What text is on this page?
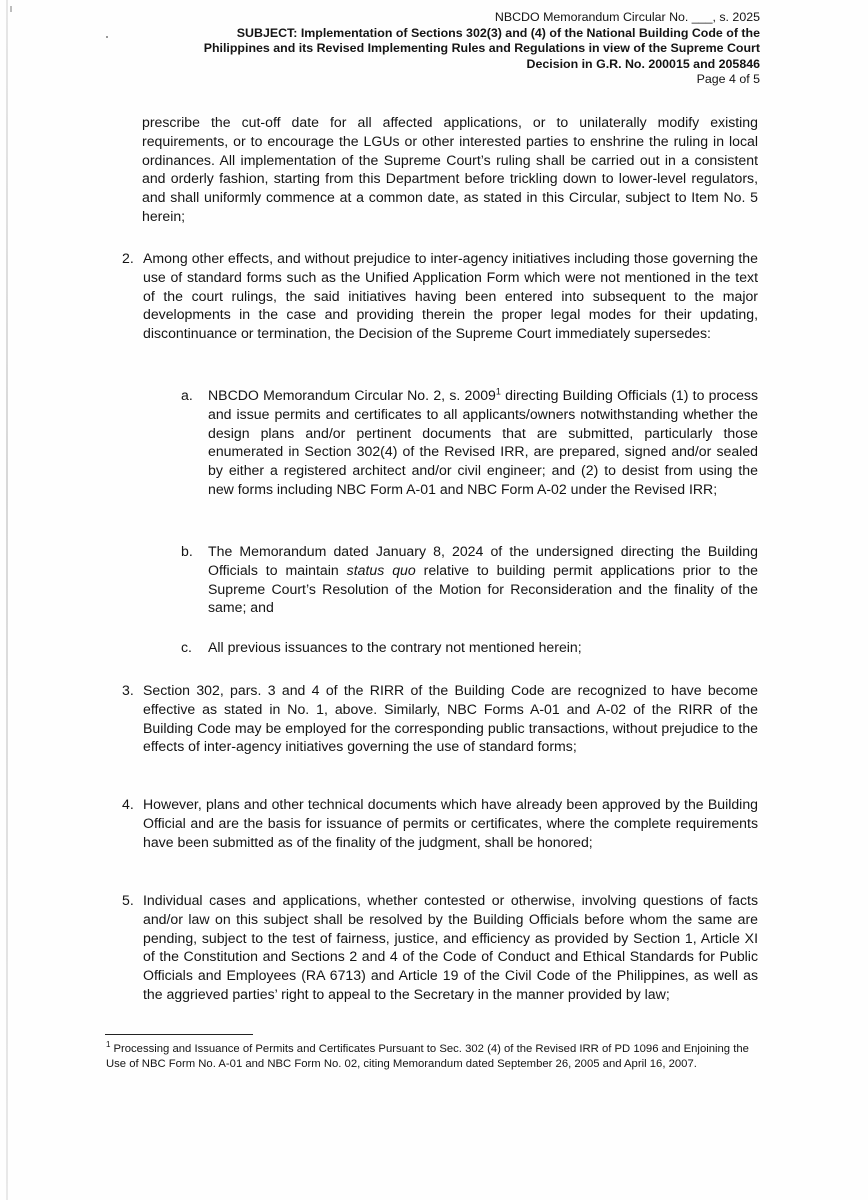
NBCDO Memorandum Circular No. ___, s. 2025
SUBJECT: Implementation of Sections 302(3) and (4) of the National Building Code of the
Philippines and its Revised Implementing Rules and Regulations in view of the Supreme Court
Decision in G.R. No. 200015 and 205846
Page 4 of 5
prescribe the cut-off date for all affected applications, or to unilaterally modify existing requirements, or to encourage the LGUs or other interested parties to enshrine the ruling in local ordinances. All implementation of the Supreme Court’s ruling shall be carried out in a consistent and orderly fashion, starting from this Department before trickling down to lower-level regulators, and shall uniformly commence at a common date, as stated in this Circular, subject to Item No. 5 herein;
2. Among other effects, and without prejudice to inter-agency initiatives including those governing the use of standard forms such as the Unified Application Form which were not mentioned in the text of the court rulings, the said initiatives having been entered into subsequent to the major developments in the case and providing therein the proper legal modes for their updating, discontinuance or termination, the Decision of the Supreme Court immediately supersedes:
a.	NBCDO Memorandum Circular No. 2, s. 2009$^1$ directing Building Officials (1) to process and issue permits and certificates to all applicants/owners notwithstanding whether the design plans and/or pertinent documents that are submitted, particularly those enumerated in Section 302(4) of the Revised IRR, are prepared, signed and/or sealed by either a registered architect and/or civil engineer; and (2) to desist from using the new forms including NBC Form A-01 and NBC Form A-02 under the Revised IRR;
b.	The Memorandum dated January 8, 2024 of the undersigned directing the Building Officials to maintain status quo relative to building permit applications prior to the Supreme Court’s Resolution of the Motion for Reconsideration and the finality of the same; and
c.	All previous issuances to the contrary not mentioned herein;
3. Section 302, pars. 3 and 4 of the RIRR of the Building Code are recognized to have become effective as stated in No. 1, above. Similarly, NBC Forms A-01 and A-02 of the RIRR of the Building Code may be employed for the corresponding public transactions, without prejudice to the effects of inter-agency initiatives governing the use of standard forms;
4. However, plans and other technical documents which have already been approved by the Building Official and are the basis for issuance of permits or certificates, where the complete requirements have been submitted as of the finality of the judgment, shall be honored;
5. Individual cases and applications, whether contested or otherwise, involving questions of facts and/or law on this subject shall be resolved by the Building Officials before whom the same are pending, subject to the test of fairness, justice, and efficiency as provided by Section 1, Article XI of the Constitution and Sections 2 and 4 of the Code of Conduct and Ethical Standards for Public Officials and Employees (RA 6713) and Article 19 of the Civil Code of the Philippines, as well as the aggrieved parties’ right to appeal to the Secretary in the manner provided by law;
$^1$ Processing and Issuance of Permits and Certificates Pursuant to Sec. 302 (4) of the Revised IRR of PD 1096 and Enjoining the Use of NBC Form No. A-01 and NBC Form No. 02, citing Memorandum dated September 26, 2005 and April 16, 2007.
